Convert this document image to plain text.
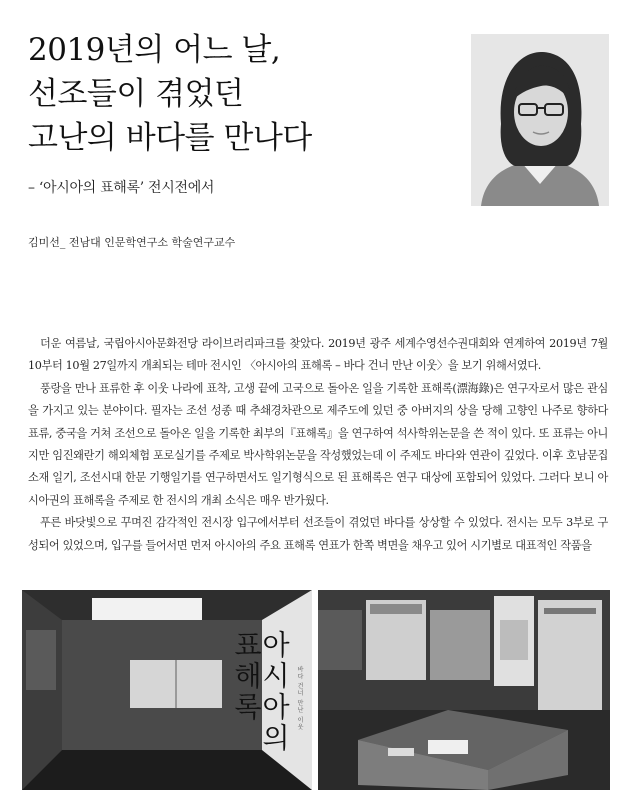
2019년의 어느 날,
선조들이 겪었던
고난의 바다를 만나다
– ‘아시아의 표해록’ 전시전에서
김미선_ 전남대 인문학연구소 학술연구교수

더운 여름날, 국립아시아문화전당 라이브러리파크를 찾았다. 2019년 광주 세계수영선수권대회와 연계하여 2019년 7월 10부터 10월 27일까지 개최되는 테마 전시인 〈아시아의 표해록 – 바다 건너 만난 이웃〉을 보기 위해서였다.

풍랑을 만나 표류한 후 이웃 나라에 표착, 고생 끝에 고국으로 돌아온 일을 기록한 표해록(漂海錄)은 연구자로서 많은 관심을 가지고 있는 분야이다. 필자는 조선 성종 때 추쇄경차관으로 제주도에 있던 중 아버지의 상을 당해 고향인 나주로 향하다 표류, 중국을 거쳐 조선으로 돌아온 일을 기록한 최부의『표해록』을 연구하여 석사학위논문을 쓴 적이 있다. 또 표류는 아니지만 임진왜란기 해외체험 포로실기를 주제로 박사학위논문을 작성했었는데 이 주제도 바다와 연관이 깊었다. 이후 호남문집 소재 일기, 조선시대 한문 기행일기를 연구하면서도 일기형식으로 된 표해록은 연구 대상에 포함되어 있었다. 그러다 보니 아시아권의 표해록을 주제로 한 전시의 개최 소식은 매우 반가웠다.

푸른 바닷빛으로 꾸며진 감각적인 전시장 입구에서부터 선조들이 겪었던 바다를 상상할 수 있었다. 전시는 모두 3부로 구성되어 있었으며, 입구를 들어서면 먼저 아시아의 주요 표해록 연표가 한쪽 벽면을 채우고 있어 시기별로 대표적인 작품을

아시아의 표해록	바다 건너 만난 이웃
